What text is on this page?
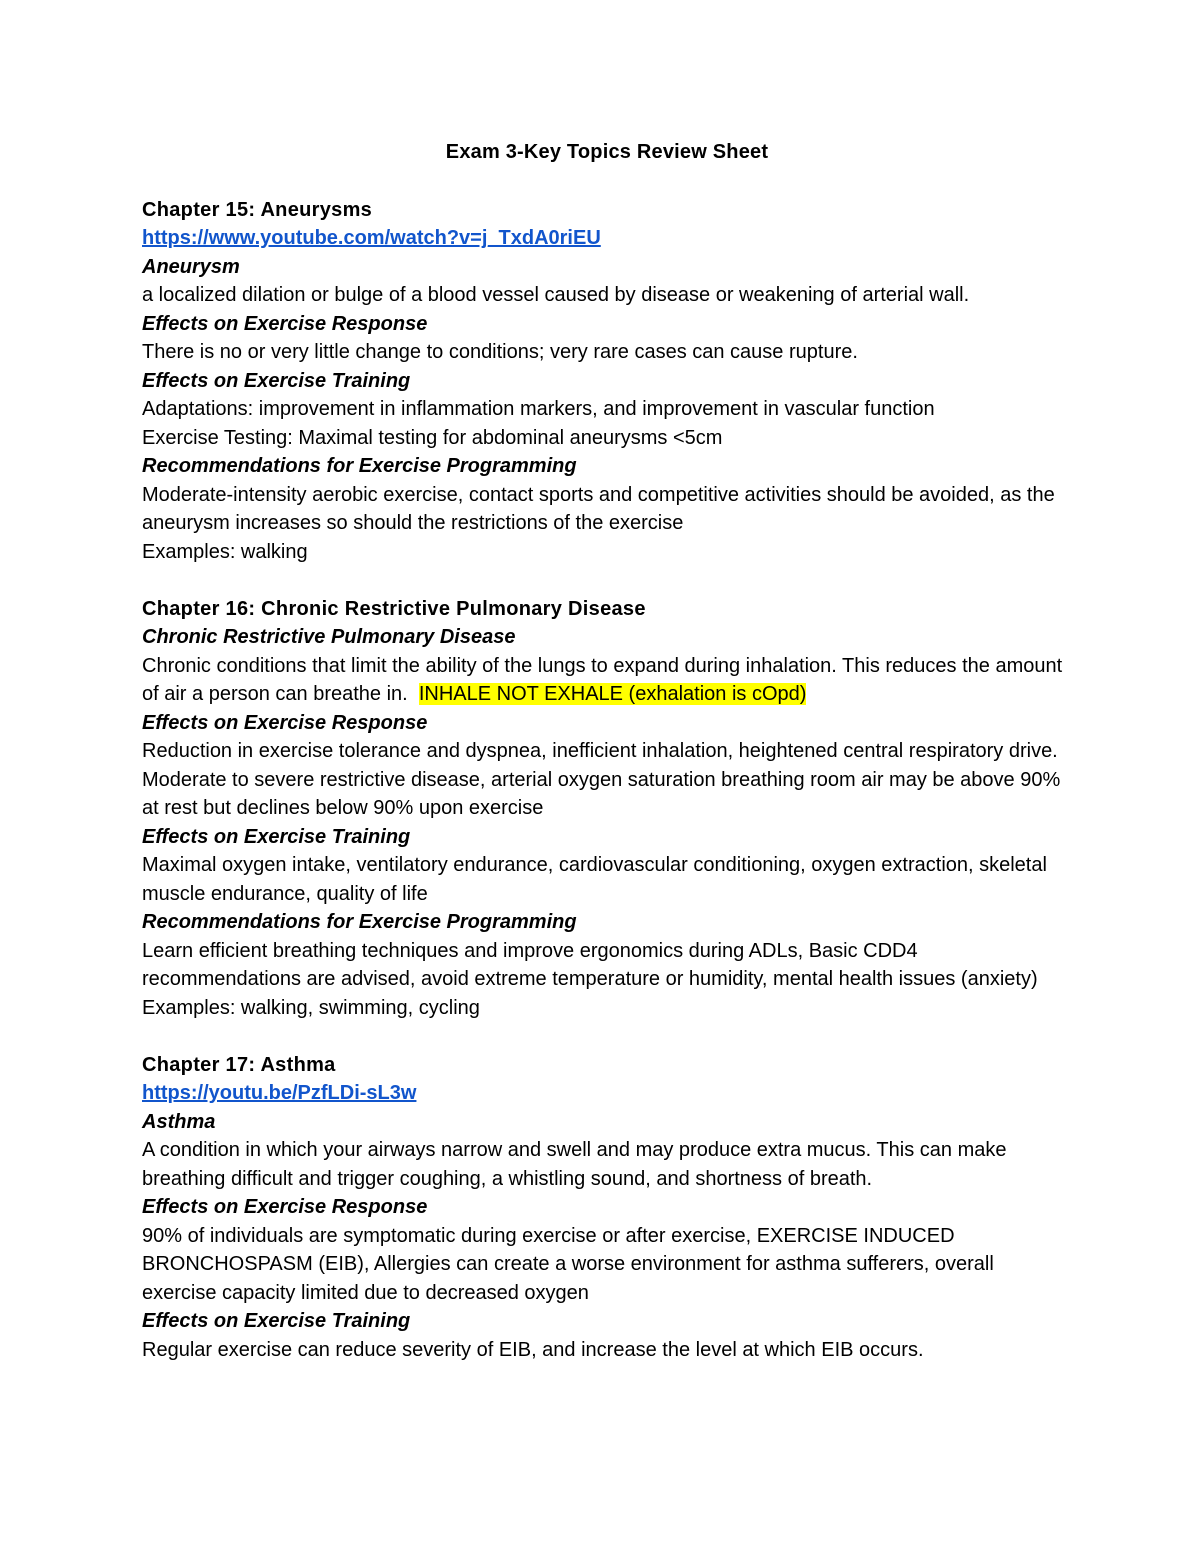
Exam 3-Key Topics Review Sheet

Chapter 15: Aneurysms

https://www.youtube.com/watch?v=j_TxdA0riEU

Aneurysm

a localized dilation or bulge of a blood vessel caused by disease or weakening of arterial wall.

Effects on Exercise Response

There is no or very little change to conditions; very rare cases can cause rupture.

Effects on Exercise Training

Adaptations: improvement in inflammation markers, and improvement in vascular function

Exercise Testing: Maximal testing for abdominal aneurysms <5cm

Recommendations for Exercise Programming

Moderate-intensity aerobic exercise, contact sports and competitive activities should be avoided, as the aneurysm increases so should the restrictions of the exercise

Examples: walking

Chapter 16: Chronic Restrictive Pulmonary Disease

Chronic Restrictive Pulmonary Disease

Chronic conditions that limit the ability of the lungs to expand during inhalation. This reduces the amount of air a person can breathe in. INHALE NOT EXHALE (exhalation is cOpd)

Effects on Exercise Response

Reduction in exercise tolerance and dyspnea, inefficient inhalation, heightened central respiratory drive. Moderate to severe restrictive disease, arterial oxygen saturation breathing room air may be above 90% at rest but declines below 90% upon exercise

Effects on Exercise Training

Maximal oxygen intake, ventilatory endurance, cardiovascular conditioning, oxygen extraction, skeletal muscle endurance, quality of life

Recommendations for Exercise Programming

Learn efficient breathing techniques and improve ergonomics during ADLs, Basic CDD4 recommendations are advised, avoid extreme temperature or humidity, mental health issues (anxiety)

Examples: walking, swimming, cycling

Chapter 17: Asthma

https://youtu.be/PzfLDi-sL3w

Asthma

A condition in which your airways narrow and swell and may produce extra mucus. This can make breathing difficult and trigger coughing, a whistling sound, and shortness of breath.

Effects on Exercise Response

90% of individuals are symptomatic during exercise or after exercise, EXERCISE INDUCED BRONCHOSPASM (EIB), Allergies can create a worse environment for asthma sufferers, overall exercise capacity limited due to decreased oxygen

Effects on Exercise Training

Regular exercise can reduce severity of EIB, and increase the level at which EIB occurs.
